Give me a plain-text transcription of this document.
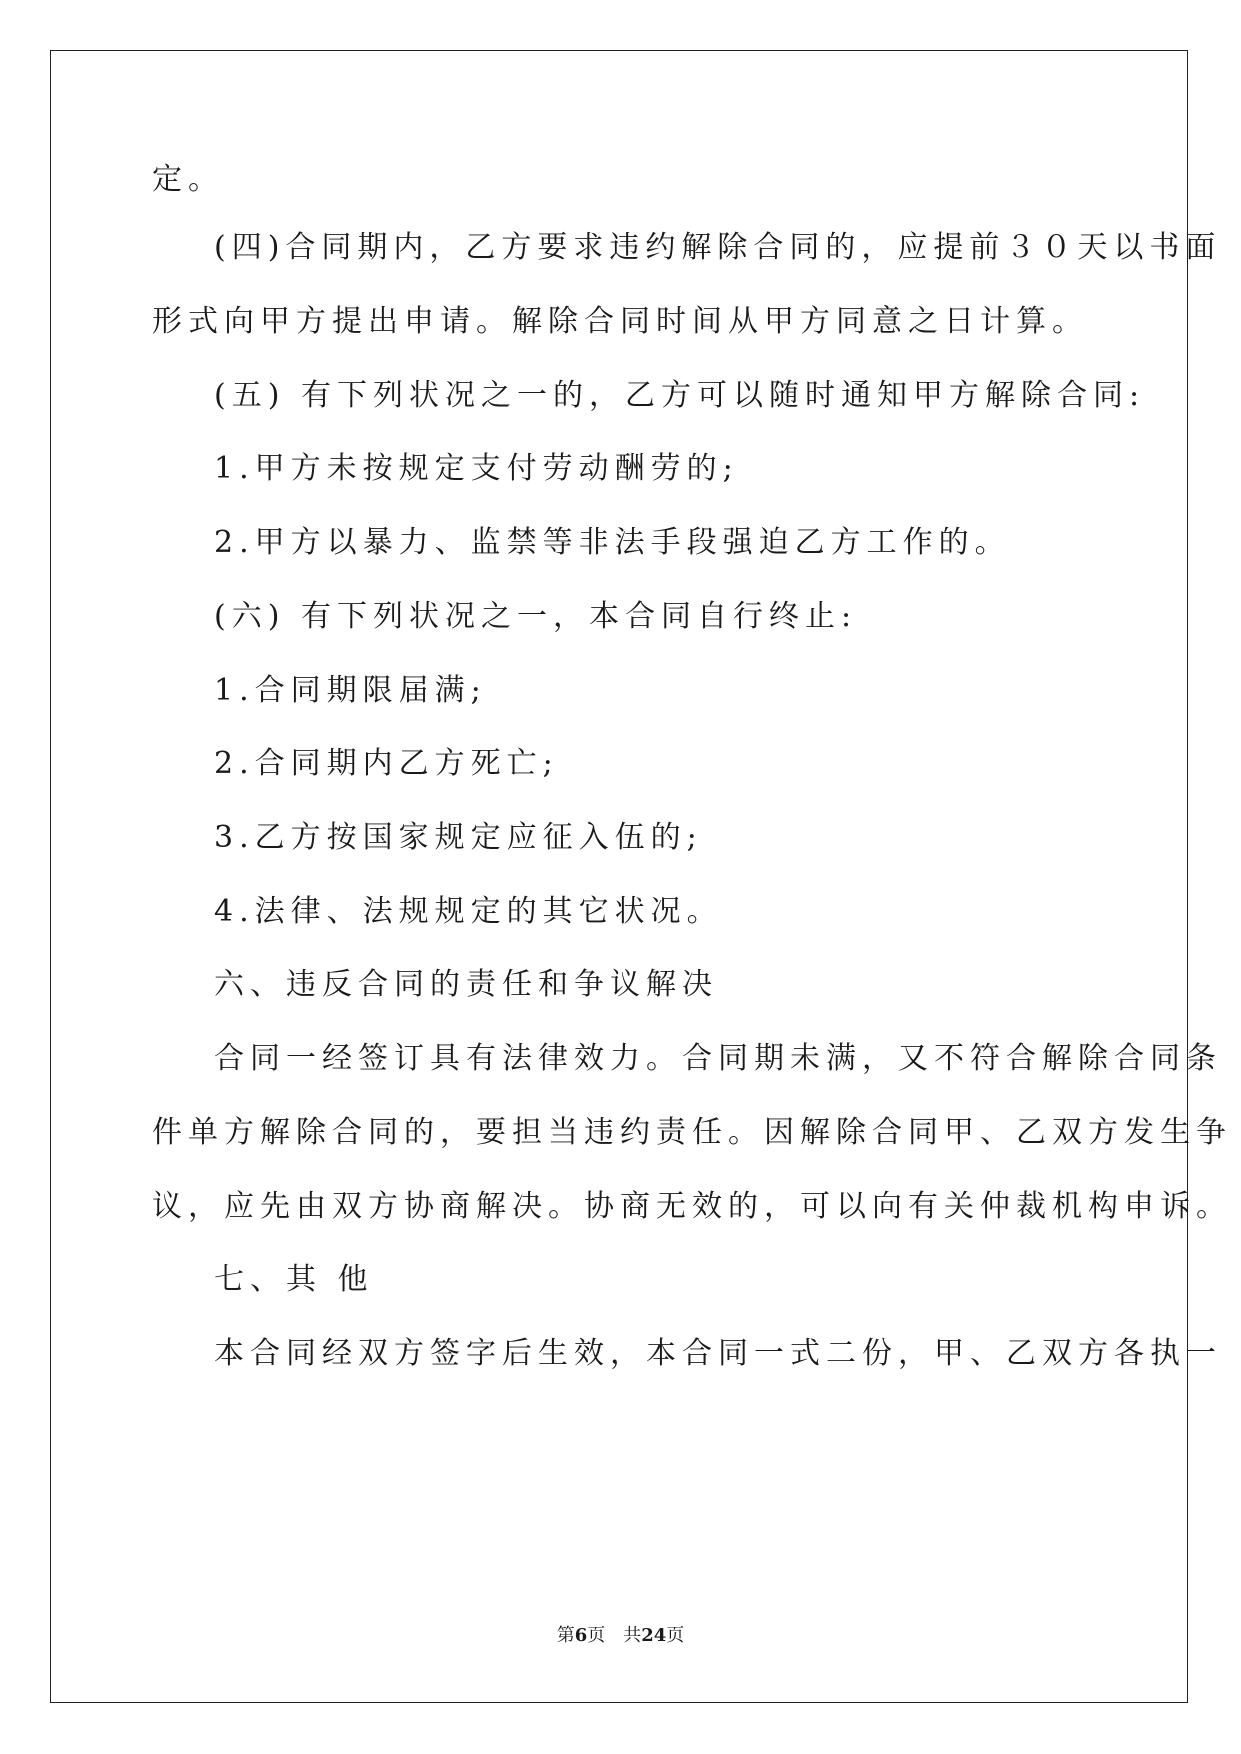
定。
(四)合同期内，乙方要求违约解除合同的，应提前３０天以书面
形式向甲方提出申请。解除合同时间从甲方同意之日计算。
(五) 有下列状况之一的，乙方可以随时通知甲方解除合同:
1.甲方未按规定支付劳动酬劳的;
2.甲方以暴力、监禁等非法手段强迫乙方工作的。
(六) 有下列状况之一，本合同自行终止:
1.合同期限届满;
2.合同期内乙方死亡;
3.乙方按国家规定应征入伍的;
4.法律、法规规定的其它状况。
六、违反合同的责任和争议解决
合同一经签订具有法律效力。合同期未满，又不符合解除合同条
件单方解除合同的，要担当违约责任。因解除合同甲、乙双方发生争
议，应先由双方协商解决。协商无效的，可以向有关仲裁机构申诉。
七、其 他
本合同经双方签字后生效，本合同一式二份，甲、乙双方各执一
第6页 共24页
